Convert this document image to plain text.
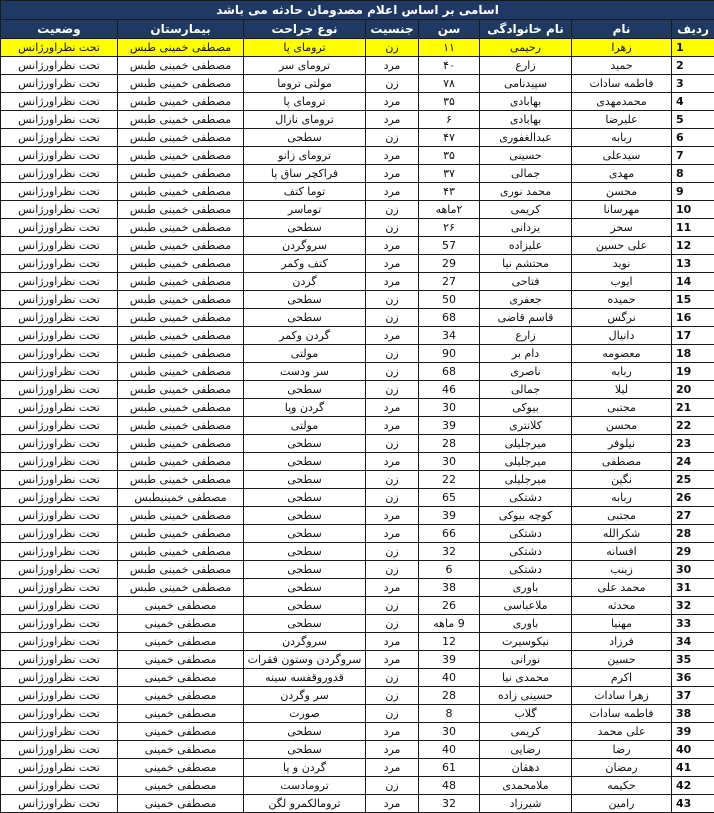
اسامی بر اساس اعلام مصدومان حادثه می باشد							
ردیف	نام	نام خانوادگی	سن	جنسیت	نوع جراحت	بیمارستان	وضعیت
1	زهرا	رحیمی	۱۱	زن	ترومای پا	مصطفی خمینی طبس	تحت نظراورژانس
2	حمید	زارع	۴۰	مرد	ترومای سر	مصطفی خمینی طبس	تحت نظراورژانس
3	فاطمه سادات	سپیدنامی	۷۸	زن	مولتی تروما	مصطفی خمینی طبس	تحت نظراورژانس
4	محمدمهدی	بهابادی	۳۵	مرد	ترومای پا	مصطفی خمینی طبس	تحت نظراورژانس
5	علیرضا	بهابادی	۶	مرد	ترومای نازال	مصطفی خمینی طبس	تحت نظراورژانس
6	ربابه	عبدالغفوری	۴۷	زن	سطحی	مصطفی خمینی طبس	تحت نظراورژانس
7	سیدعلی	حسینی	۳۵	مرد	ترومای زانو	مصطفی خمینی طبس	تحت نظراورژانس
8	مهدی	جمالی	۳۷	مرد	فراکچر ساق پا	مصطفی خمینی طبس	تحت نظراورژانس
9	محسن	محمد نوری	۴۳	مرد	توما کتف	مصطفی خمینی طبس	تحت نظراورژانس
10	مهرسانا	کریمی	۲ماهه	زن	توماسر	مصطفی خمینی طبس	تحت نظراورژانس
11	سحر	یزدانی	۲۶	زن	سطحی	مصطفی خمینی طبس	تحت نظراورژانس
12	علی حسین	علیزاده	57	مرد	سروگردن	مصطفی خمینی طبس	تحت نظراورژانس
13	نوید	محتشم نیا	29	مرد	کتف وکمر	مصطفی خمینی طبس	تحت نظراورژانس
14	ایوب	فتاحی	27	مرد	گردن	مصطفی خمینی طبس	تحت نظراورژانس
15	حمیده	جعفری	50	زن	سطحی	مصطفی خمینی طبس	تحت نظراورژانس
16	نرگس	قاسم قاضی	68	زن	سطحی	مصطفی خمینی طبس	تحت نظراورژانس
17	دانیال	زارع	34	مرد	گردن وکمر	مصطفی خمینی طبس	تحت نظراورژانس
18	معصومه	دام بر	90	زن	مولتی	مصطفی خمینی طبس	تحت نظراورژانس
19	ربابه	ناصری	68	زن	سر ودست	مصطفی خمینی طبس	تحت نظراورژانس
20	لیلا	جمالی	46	زن	سطحی	مصطفی خمینی طبس	تحت نظراورژانس
21	مجتبی	بیوکی	30	مرد	گردن وپا	مصطفی خمینی طبس	تحت نظراورژانس
22	محسن	کلانتری	39	مرد	مولتی	مصطفی خمینی طبس	تحت نظراورژانس
23	نیلوفر	میرجلیلی	28	زن	سطحی	مصطفی خمینی طبس	تحت نظراورژانس
24	مصطفی	میرجلیلی	30	مرد	سطحی	مصطفی خمینی طبس	تحت نظراورژانس
25	نگین	میرجلیلی	22	زن	سطحی	مصطفی خمینی طبس	تحت نظراورژانس
26	ربابه	دشتکی	65	زن	سطحی	مصطفی خمینیطبس	تحت نظراورژانس
27	مجتبی	کوچه بیوکی	39	مرد	سطحی	مصطفی خمینی طبس	تحت نظراورژانس
28	شکرالله	دشتکی	66	مرد	سطحی	مصطفی خمینی طبس	تحت نظراورژانس
29	افسانه	دشتکی	32	زن	سطحی	مصطفی خمینی طبس	تحت نظراورژانس
30	زینب	دشتکی	6	زن	سطحی	مصطفی خمینی طبس	تحت نظراورژانس
31	محمد علی	باوری	38	مرد	سطحی	مصطفی خمینی طبس	تحت نظراورژانس
32	محدثه	ملاعباسی	26	زن	سطحی	مصطفی خمینی	تحت نظراورژانس
33	مهنیا	باوری	9 ماهه	زن	سطحی	مصطفی خمینی	تحت نظراورژانس
34	فرزاد	نیکوسیرت	12	مرد	سروگردن	مصطفی خمینی	تحت نظراورژانس
35	حسین	نورانی	39	مرد	سروگردن وستون فقرات	مصطفی خمینی	تحت نظراورژانس
36	اکرم	محمدی نیا	40	زن	قدوروقفسه سینه	مصطفی خمینی	تحت نظراورژانس
37	زهرا سادات	حسینی زاده	28	زن	سر وگردن	مصطفی خمینی	تحت نظراورژانس
38	فاطمه سادات	گلاب	8	زن	صورت	مصطفی خمینی	تحت نظراورژانس
39	علی محمد	کریمی	30	مرد	سطحی	مصطفی خمینی	تحت نظراورژانس
40	رضا	رضایی	40	مرد	سطحی	مصطفی خمینی	تحت نظراورژانس
41	رمضان	دهقان	61	مرد	گردن و پا	مصطفی خمینی	تحت نظراورژانس
42	حکیمه	ملامحمدی	48	زن	ترومادست	مصطفی خمینی	تحت نظراورژانس
43	رامین	شیرزاد	32	مرد	ترومالکمرو لگن	مصطفی خمینی	تحت نظراورژانس
